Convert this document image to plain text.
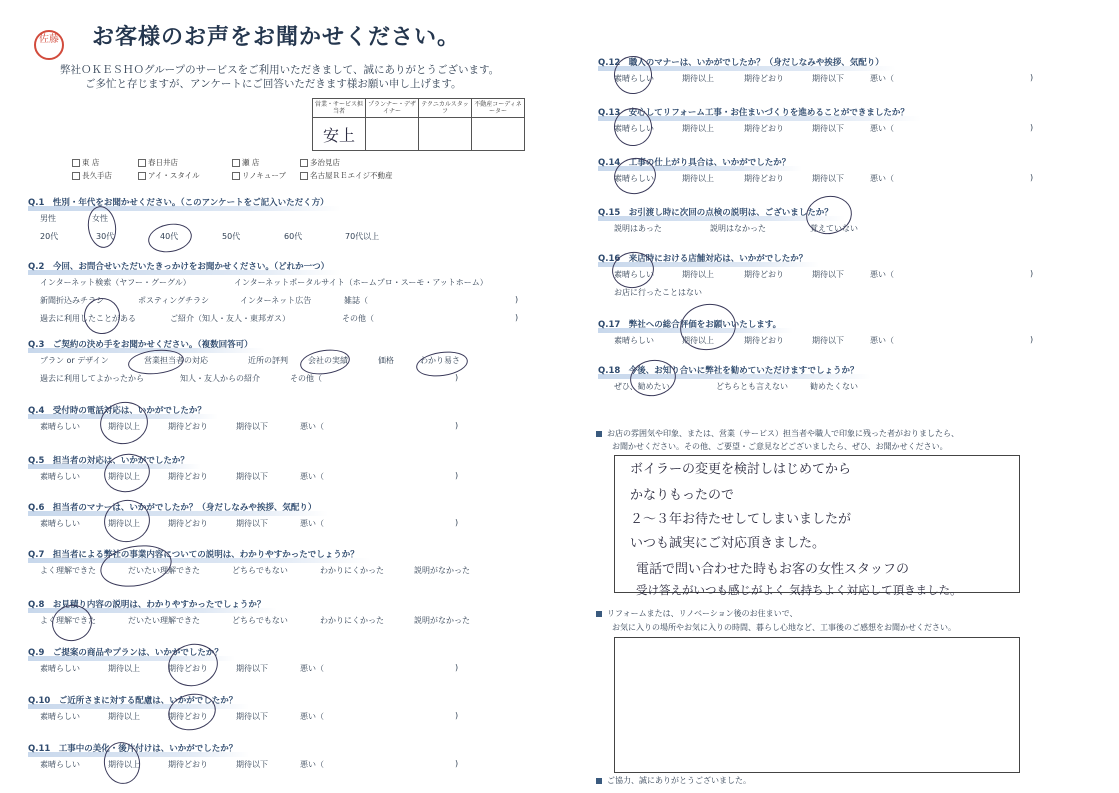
佐藤 お客様のお声をお聞かせください。
弊社ＯＫＥＳＨＯグループのサービスをご利用いただきまして、誠にありがとうございます。
ご多忙と存じますが、アンケートにご回答いただきます様お願い申し上げます。
営業・サービス担当者	プランナー・デザイナー	テクニカルスタッフ	不動産コーディネーター
安上			
東 店	春日井店	瀬 店	多治見店
長久手店	アイ・スタイル	リノキューブ	名古屋ＲＥエイジ不動産
Q.1　性別・年代をお聞かせください。（このアンケートをご記入いただく方）
男性	女性
20代	30代	40代	50代	60代	70代以上
Q.2　今回、お問合せいただいたきっかけをお聞かせください。（どれか一つ）
インターネット検索（ヤフー・グーグル）	インターネットポータルサイト（ホームプロ・スーモ・アットホーム）
新聞折込みチラシ	ポスティングチラシ	インターネット広告	雑誌（	)
過去に利用したことがある	ご紹介（知人・友人・東邦ガス）	その他（	)
Q.3　ご契約の決め手をお聞かせください。（複数回答可）
プラン or デザイン	営業担当者の対応	近所の評判	会社の実績	価格	わかり易さ
過去に利用してよかったから	知人・友人からの紹介	その他（	)
Q.4　受付時の電話対応は、いかがでしたか？
素晴らしい	期待以上	期待どおり	期待以下	悪い（	)
Q.5　担当者の対応は、いかがでしたか？
素晴らしい	期待以上	期待どおり	期待以下	悪い（	)
Q.6　担当者のマナーは、いかがでしたか？（身だしなみや挨拶、気配り）
素晴らしい	期待以上	期待どおり	期待以下	悪い（	)
Q.7　担当者による弊社の事業内容についての説明は、わかりやすかったでしょうか？
よく理解できた	だいたい理解できた	どちらでもない	わかりにくかった	説明がなかった
Q.8　お見積り内容の説明は、わかりやすかったでしょうか？
よく理解できた	だいたい理解できた	どちらでもない	わかりにくかった	説明がなかった
Q.9　ご提案の商品やプランは、いかがでしたか？
素晴らしい	期待以上	期待どおり	期待以下	悪い（	)
Q.10　ご近所さまに対する配慮は、いかがでしたか？
素晴らしい	期待以上	期待どおり	期待以下	悪い（	)
Q.11　工事中の美化・後片付けは、いかがでしたか？
素晴らしい	期待以上	期待どおり	期待以下	悪い（	)
Q.12　職人のマナーは、いかがでしたか？（身だしなみや挨拶、気配り）
素晴らしい	期待以上	期待どおり	期待以下	悪い（	)
Q.13　安心してリフォーム工事・お住まいづくりを進めることができましたか？
素晴らしい	期待以上	期待どおり	期待以下	悪い（	)
Q.14　工事の仕上がり具合は、いかがでしたか？
素晴らしい	期待以上	期待どおり	期待以下	悪い（	)
Q.15　お引渡し時に次回の点検の説明は、ございましたか？
説明はあった	説明はなかった	覚えていない
Q.16　来店時における店舗対応は、いかがでしたか？
素晴らしい	期待以上	期待どおり	期待以下	悪い（	)
お店に行ったことはない
Q.17　弊社への総合評価をお願いいたします。
素晴らしい	期待以上	期待どおり	期待以下	悪い（	)
Q.18　今後、お知り合いに弊社を勧めていただけますでしょうか？
ぜひ、勧めたい	どちらとも言えない	勧めたくない
お店の雰囲気や印象、または、営業（サービス）担当者や職人で印象に残った者がおりましたら、
お聞かせください。その他、ご要望・ご意見などございましたら、ぜひ、お聞かせください。
ボイラーの変更を検討しはじめてから
かなりもったので
２～３年お待たせしてしまいましたが
いつも誠実にご対応頂きました。
電話で問い合わせた時もお客の女性スタッフの
受け答えがいつも感じがよく 気持ちよく対応して頂きました。
リフォームまたは、リノベーション後のお住まいで、
お気に入りの場所やお気に入りの時間、暮らし心地など、工事後のご感想をお聞かせください。
ご協力、誠にありがとうございました。
